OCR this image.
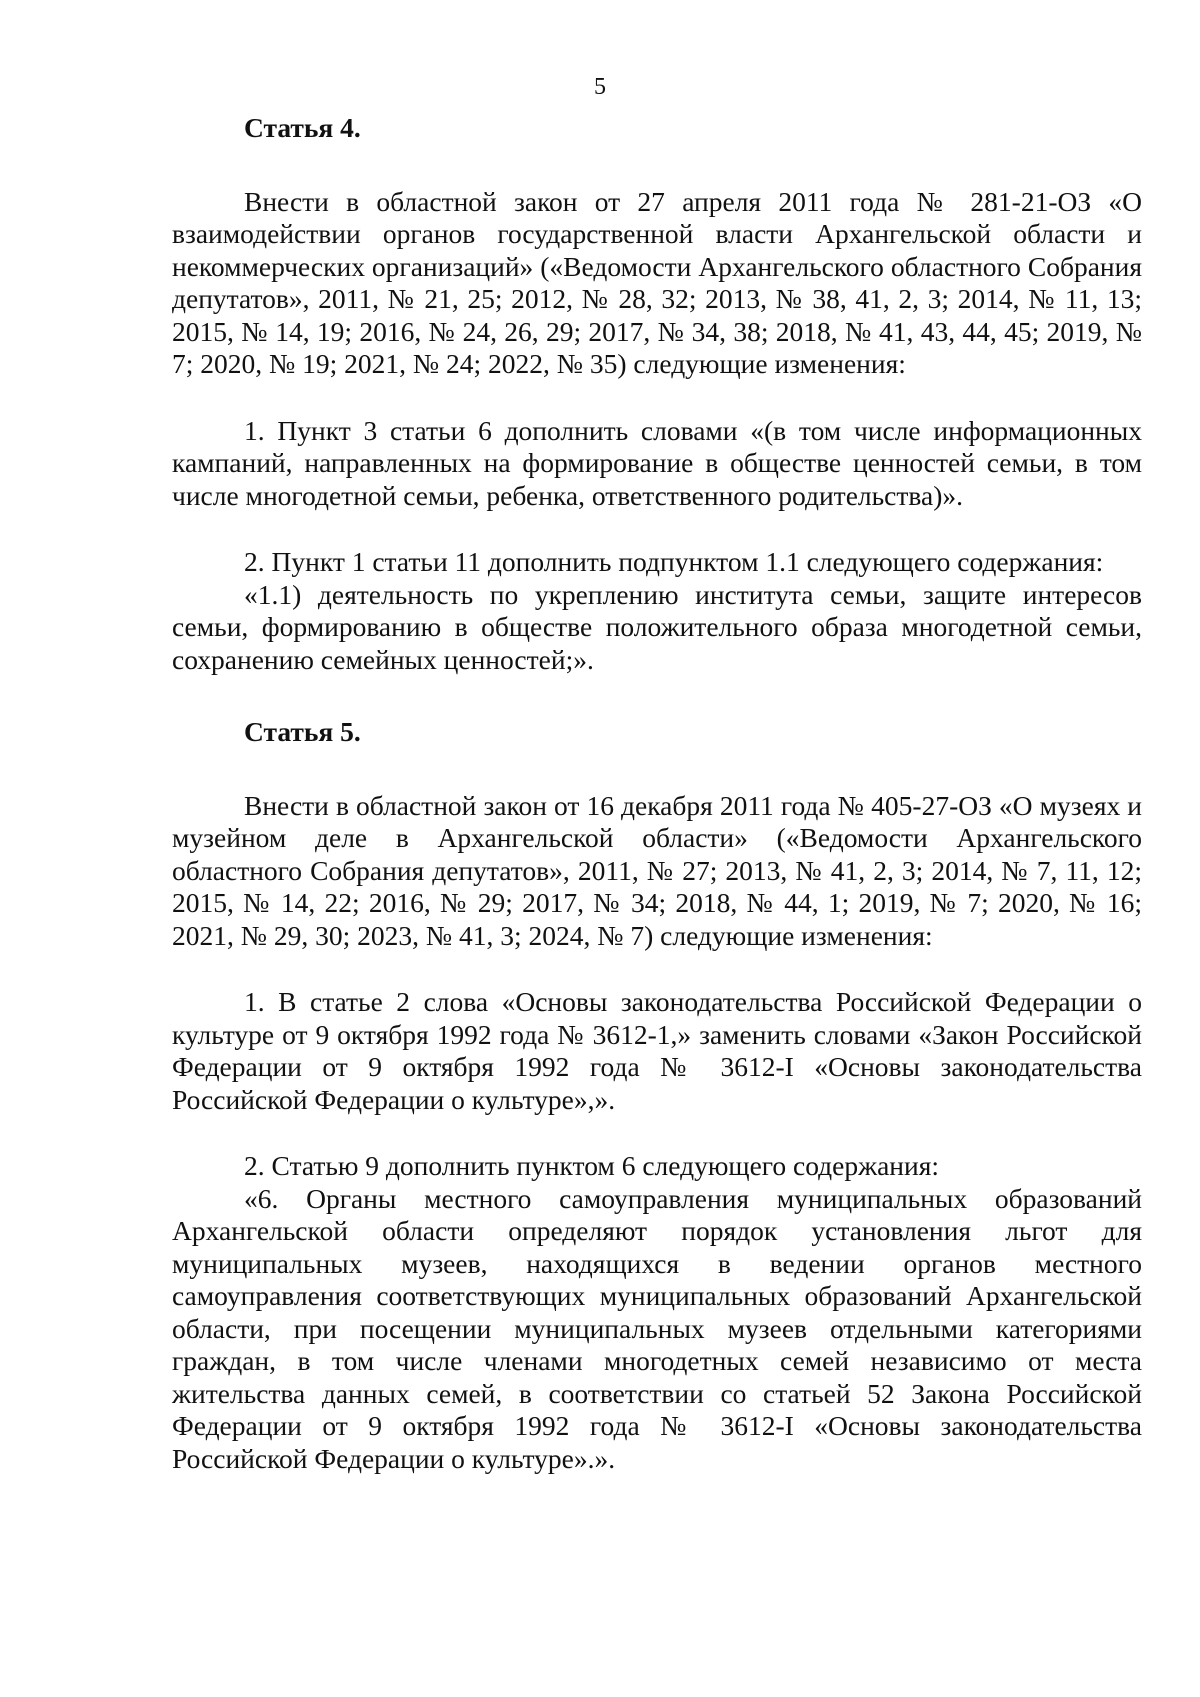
5

Статья 4.

Внести в областной закон от 27 апреля 2011 года № 281-21-ОЗ «О взаимодействии органов государственной власти Архангельской области и некоммерческих организаций» («Ведомости Архангельского областного Собрания депутатов», 2011, № 21, 25; 2012, № 28, 32; 2013, № 38, 41, 2, 3; 2014, № 11, 13; 2015, № 14, 19; 2016, № 24, 26, 29; 2017, № 34, 38; 2018, № 41, 43, 44, 45; 2019, № 7; 2020, № 19; 2021, № 24; 2022, № 35) следующие изменения:

1. Пункт 3 статьи 6 дополнить словами «(в том числе информационных кампаний, направленных на формирование в обществе ценностей семьи, в том числе многодетной семьи, ребенка, ответственного родительства)».

2. Пункт 1 статьи 11 дополнить подпунктом 1.1 следующего содержания:

«1.1) деятельность по укреплению института семьи, защите интересов семьи, формированию в обществе положительного образа многодетной семьи, сохранению семейных ценностей;».

Статья 5.

Внести в областной закон от 16 декабря 2011 года № 405-27-ОЗ «О музеях и музейном деле в Архангельской области» («Ведомости Архангельского областного Собрания депутатов», 2011, № 27; 2013, № 41, 2, 3; 2014, № 7, 11, 12; 2015, № 14, 22; 2016, № 29; 2017, № 34; 2018, № 44, 1; 2019, № 7; 2020, № 16; 2021, № 29, 30; 2023, № 41, 3; 2024, № 7) следующие изменения:

1. В статье 2 слова «Основы законодательства Российской Федерации о культуре от 9 октября 1992 года № 3612-1,» заменить словами «Закон Российской Федерации от 9 октября 1992 года № 3612-I «Основы законодательства Российской Федерации о культуре»,».

2. Статью 9 дополнить пунктом 6 следующего содержания:

«6. Органы местного самоуправления муниципальных образований Архангельской области определяют порядок установления льгот для муниципальных музеев, находящихся в ведении органов местного самоуправления соответствующих муниципальных образований Архангельской области, при посещении муниципальных музеев отдельными категориями граждан, в том числе членами многодетных семей независимо от места жительства данных семей, в соответствии со статьей 52 Закона Российской Федерации от 9 октября 1992 года № 3612-I «Основы законодательства Российской Федерации о культуре».».
